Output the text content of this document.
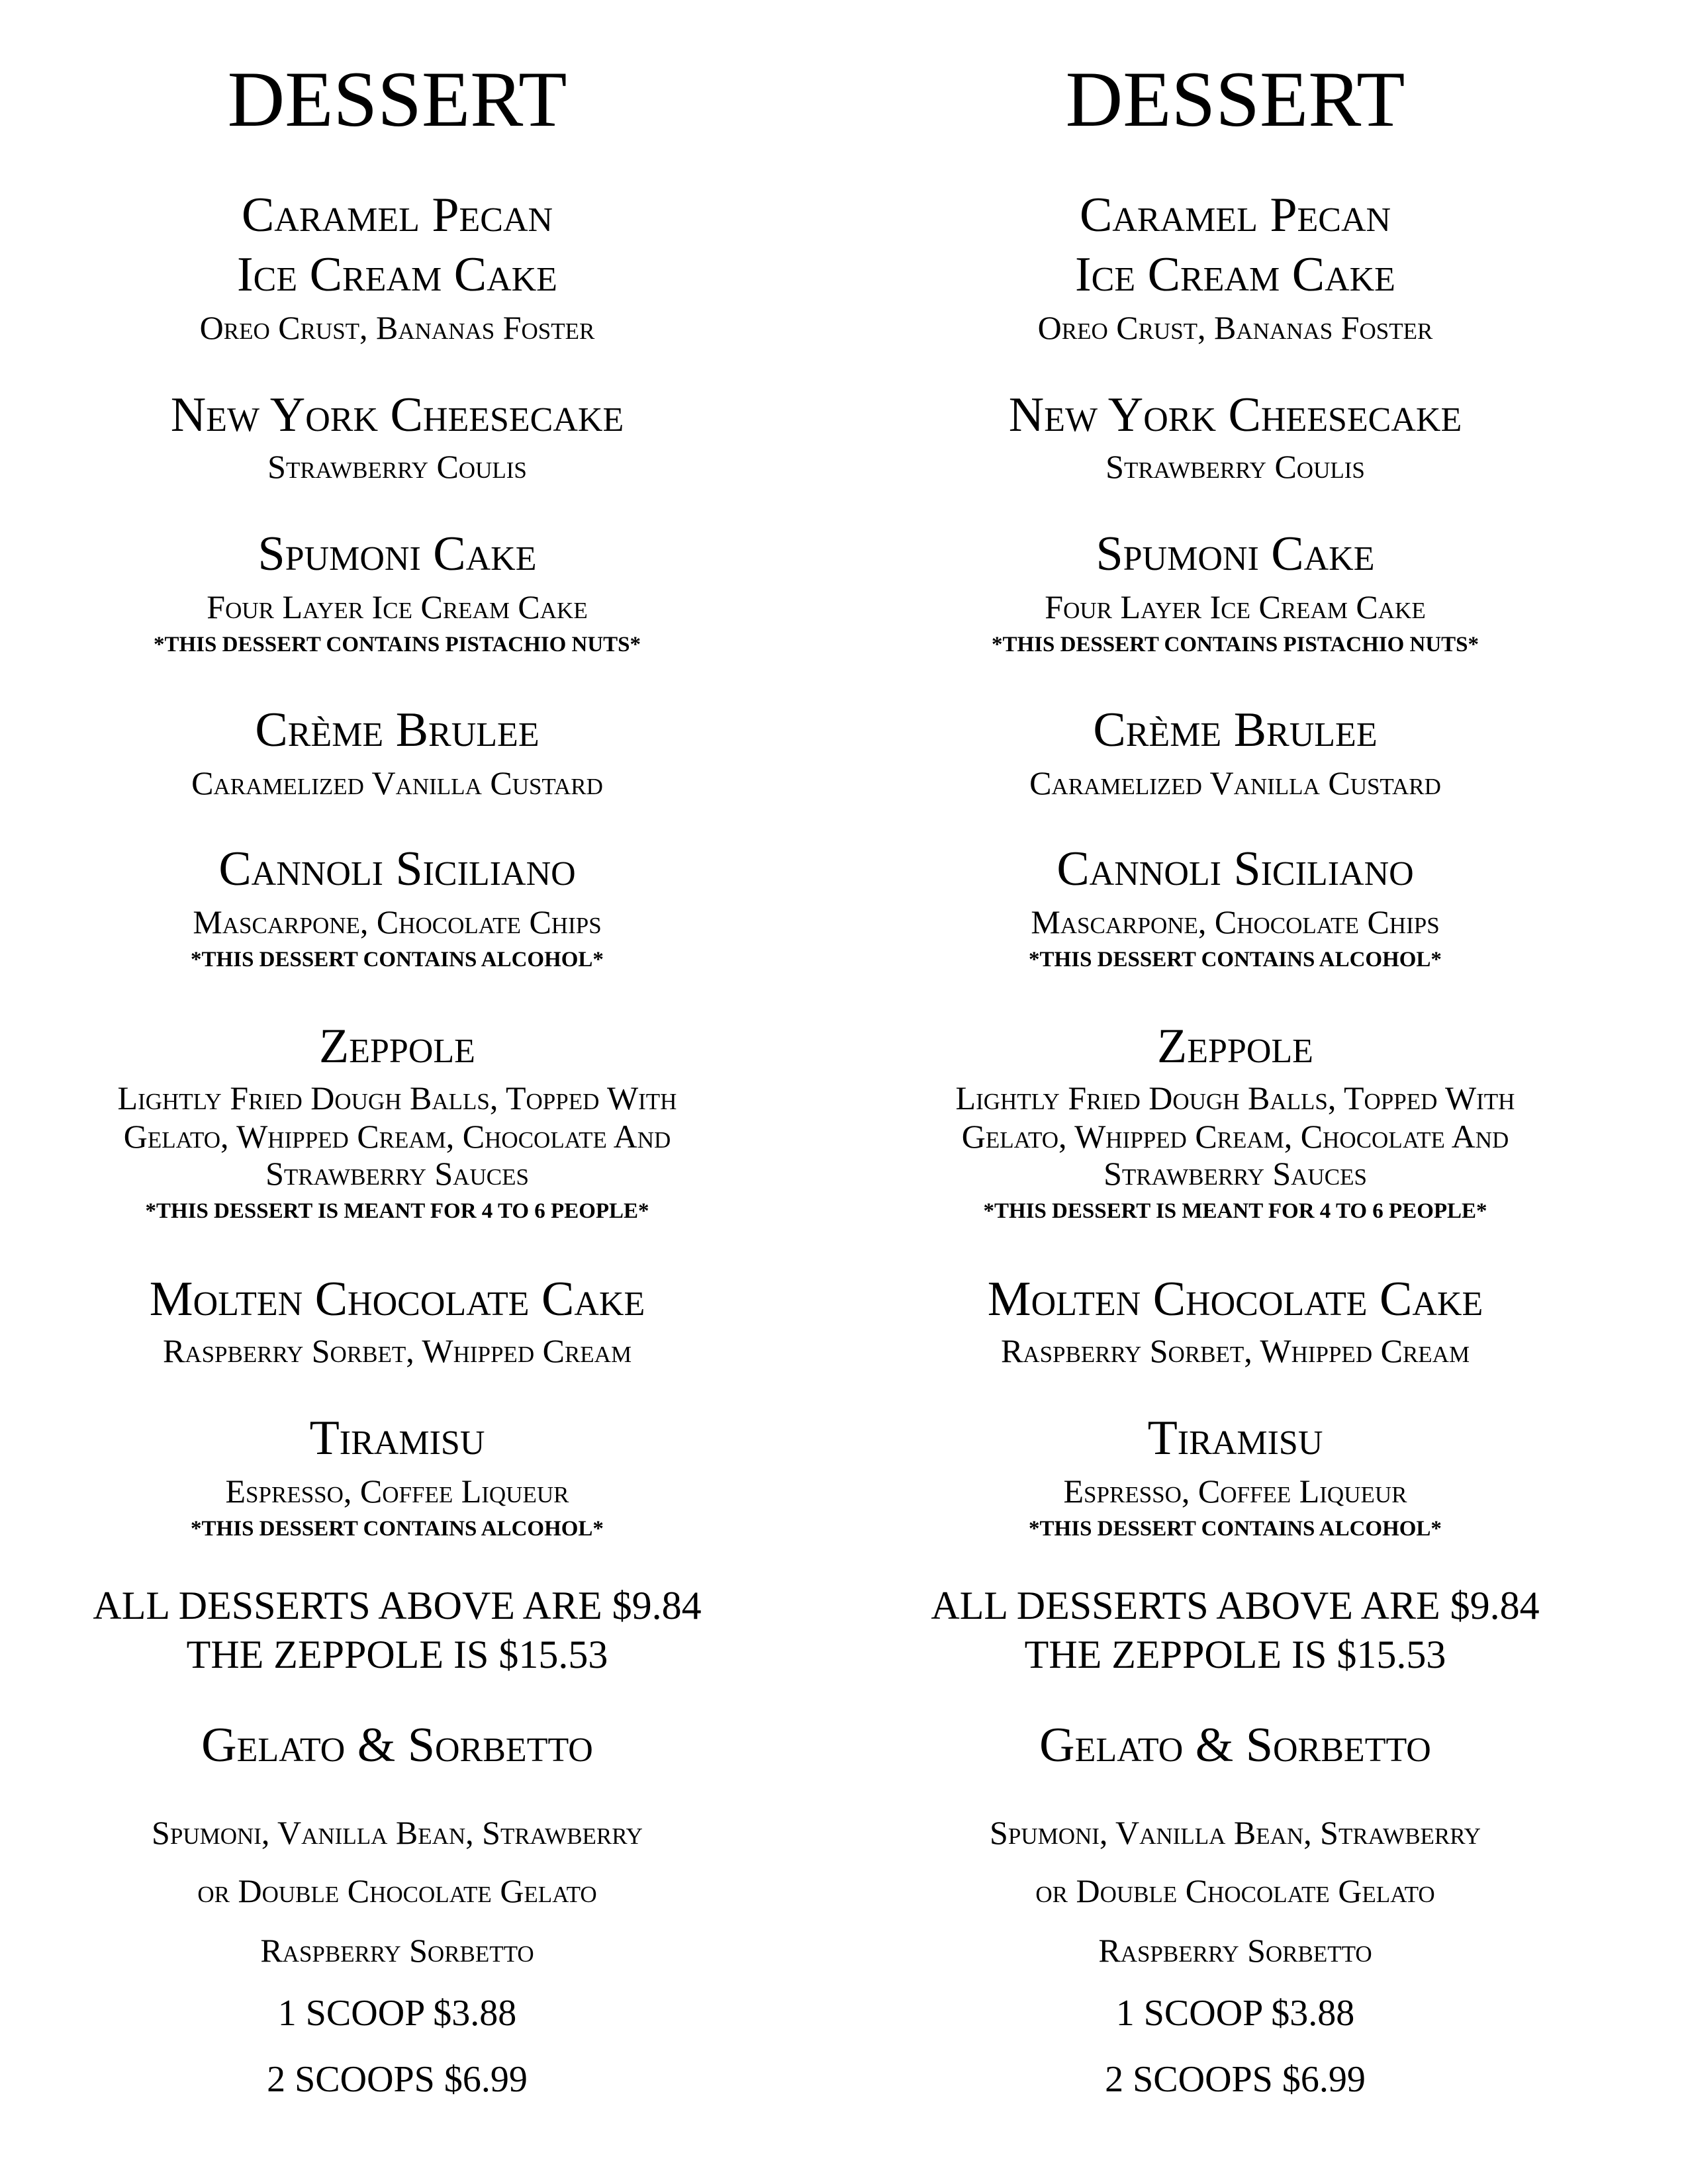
DESSERT
Caramel Pecan
Ice Cream Cake
Oreo Crust, Bananas Foster
New York Cheesecake
Strawberry Coulis
Spumoni Cake
Four Layer Ice Cream Cake
*THIS DESSERT CONTAINS PISTACHIO NUTS*
Crème Brulee
Caramelized Vanilla Custard
Cannoli Siciliano
Mascarpone, Chocolate Chips
*THIS DESSERT CONTAINS ALCOHOL*
Zeppole
Lightly Fried Dough Balls, Topped With
Gelato, Whipped Cream, Chocolate And
Strawberry Sauces
*THIS DESSERT IS MEANT FOR 4 TO 6 PEOPLE*
Molten Chocolate Cake
Raspberry Sorbet, Whipped Cream
Tiramisu
Espresso, Coffee Liqueur
*THIS DESSERT CONTAINS ALCOHOL*
ALL DESSERTS ABOVE ARE $9.84
THE ZEPPOLE IS $15.53
Gelato & Sorbetto
Spumoni, Vanilla Bean, Strawberry
or Double Chocolate Gelato
Raspberry Sorbetto
1 SCOOP $3.88
2 SCOOPS $6.99
DESSERT
Caramel Pecan
Ice Cream Cake
Oreo Crust, Bananas Foster
New York Cheesecake
Strawberry Coulis
Spumoni Cake
Four Layer Ice Cream Cake
*THIS DESSERT CONTAINS PISTACHIO NUTS*
Crème Brulee
Caramelized Vanilla Custard
Cannoli Siciliano
Mascarpone, Chocolate Chips
*THIS DESSERT CONTAINS ALCOHOL*
Zeppole
Lightly Fried Dough Balls, Topped With
Gelato, Whipped Cream, Chocolate And
Strawberry Sauces
*THIS DESSERT IS MEANT FOR 4 TO 6 PEOPLE*
Molten Chocolate Cake
Raspberry Sorbet, Whipped Cream
Tiramisu
Espresso, Coffee Liqueur
*THIS DESSERT CONTAINS ALCOHOL*
ALL DESSERTS ABOVE ARE $9.84
THE ZEPPOLE IS $15.53
Gelato & Sorbetto
Spumoni, Vanilla Bean, Strawberry
or Double Chocolate Gelato
Raspberry Sorbetto
1 SCOOP $3.88
2 SCOOPS $6.99
